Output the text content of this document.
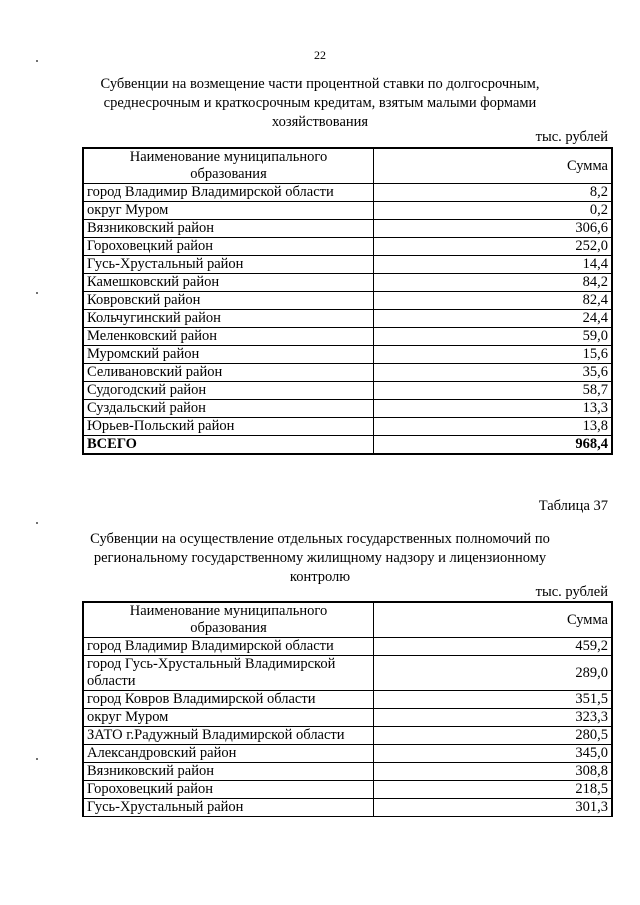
22
Субвенции на возмещение части процентной ставки по долгосрочным,
среднесрочным и краткосрочным кредитам, взятым малыми формами
хозяйствования
тыс. рублей
Наименование муниципального
образования	Сумма
город Владимир Владимирской области	8,2
округ Муром	0,2
Вязниковский район	306,6
Гороховецкий район	252,0
Гусь-Хрустальный район	14,4
Камешковский район	84,2
Ковровский район	82,4
Кольчугинский район	24,4
Меленковский район	59,0
Муромский район	15,6
Селивановский район	35,6
Судогодский район	58,7
Суздальский район	13,3
Юрьев-Польский район	13,8
ВСЕГО	968,4
Таблица 37
Субвенции на осуществление отдельных государственных полномочий по
региональному государственному жилищному надзору и лицензионному
контролю
тыс. рублей
Наименование муниципального
образования	Сумма
город Владимир Владимирской области	459,2
город Гусь-Хрустальный Владимирской области	289,0
город Ковров Владимирской области	351,5
округ Муром	323,3
ЗАТО г.Радужный Владимирской области	280,5
Александровский район	345,0
Вязниковский район	308,8
Гороховецкий район	218,5
Гусь-Хрустальный район	301,3
